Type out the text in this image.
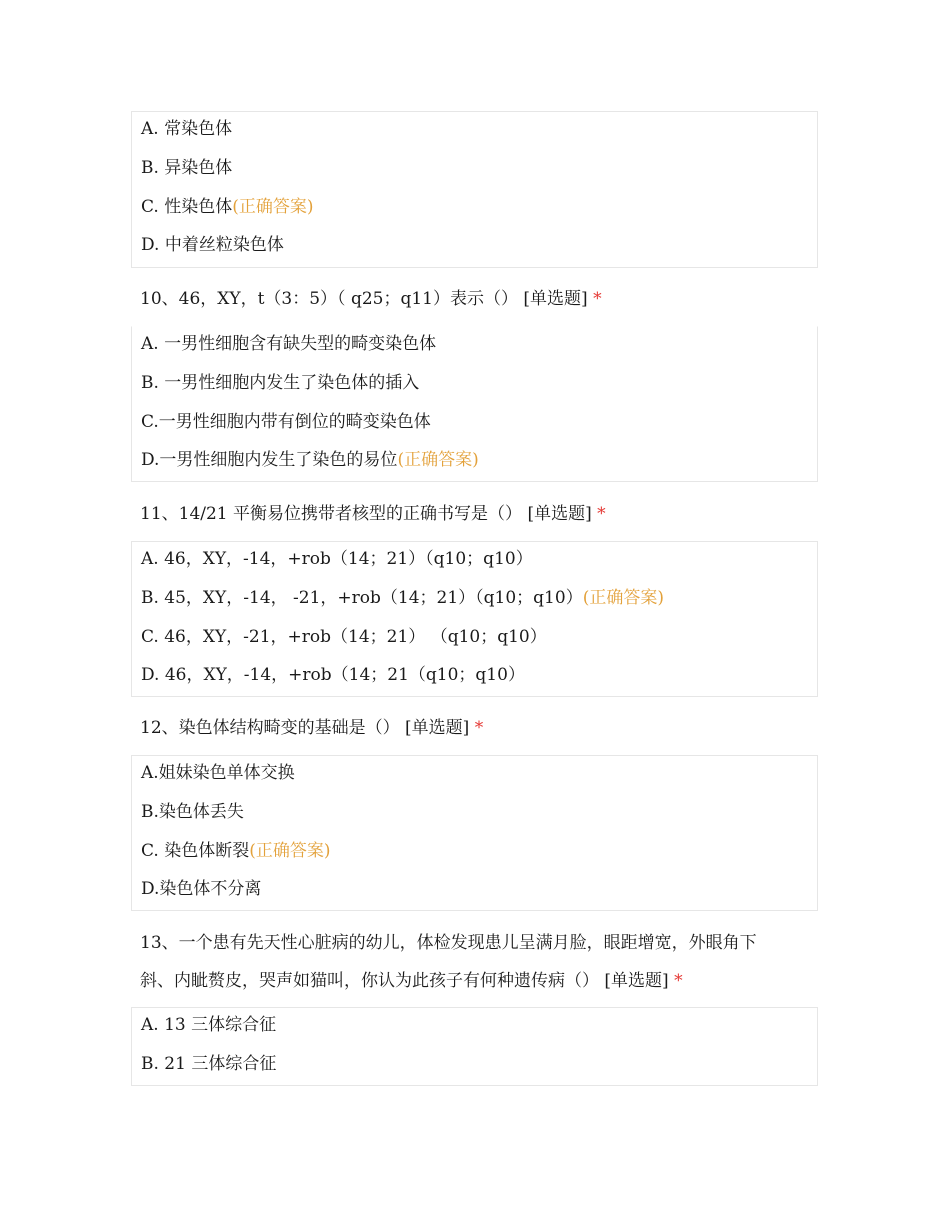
A. 常染色体
B. 异染色体
C. 性染色体(正确答案)
D. 中着丝粒染色体
10、46，XY，t（3：5）（ q25；q11）表示（） [单选题] *
A. 一男性细胞含有缺失型的畸变染色体
B. 一男性细胞内发生了染色体的插入
C.一男性细胞内带有倒位的畸变染色体
D.一男性细胞内发生了染色的易位(正确答案)
11、14/21 平衡易位携带者核型的正确书写是（） [单选题] *
A. 46，XY，-14，+rob（14；21）（q10；q10）
B. 45，XY，-14， -21，+rob（14；21）（q10；q10）(正确答案)
C. 46，XY，-21，+rob（14；21） （q10；q10）
D. 46，XY，-14，+rob（14；21（q10；q10）
12、染色体结构畸变的基础是（） [单选题] *
A.姐妹染色单体交换
B.染色体丢失
C. 染色体断裂(正确答案)
D.染色体不分离
13、一个患有先天性心脏病的幼儿，体检发现患儿呈满月脸，眼距增宽，外眼角下
斜、内眦赘皮，哭声如猫叫，你认为此孩子有何种遗传病（） [单选题] *
A. 13 三体综合征
B. 21 三体综合征
